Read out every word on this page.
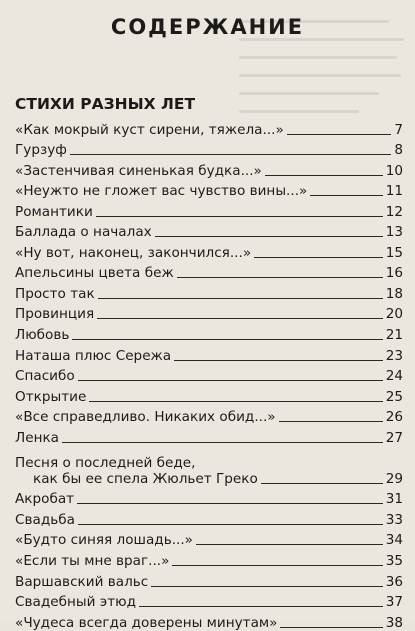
СОДЕРЖАНИЕ
СТИХИ РАЗНЫХ ЛЕТ
«Как мокрый куст сирени, тяжела...»	7
Гурзуф	8
«Застенчивая синенькая будка...»	10
«Неужто не гложет вас чувство вины...»	11
Романтики	12
Баллада о началах	13
«Ну вот, наконец, закончился...»	15
Апельсины цвета беж	16
Просто так	18
Провинция	20
Любовь	21
Наташа плюс Сережа	23
Спасибо	24
Открытие	25
«Все справедливо. Никаких обид...»	26
Ленка	27
Песня о последней беде,
как бы ее спела Жюльет Греко	29
Акробат	31
Свадьба	33
«Будто синяя лошадь...»	34
«Если ты мне враг...»	35
Варшавский вальс	36
Свадебный этюд	37
«Чудеса всегда доверены минутам»	38
